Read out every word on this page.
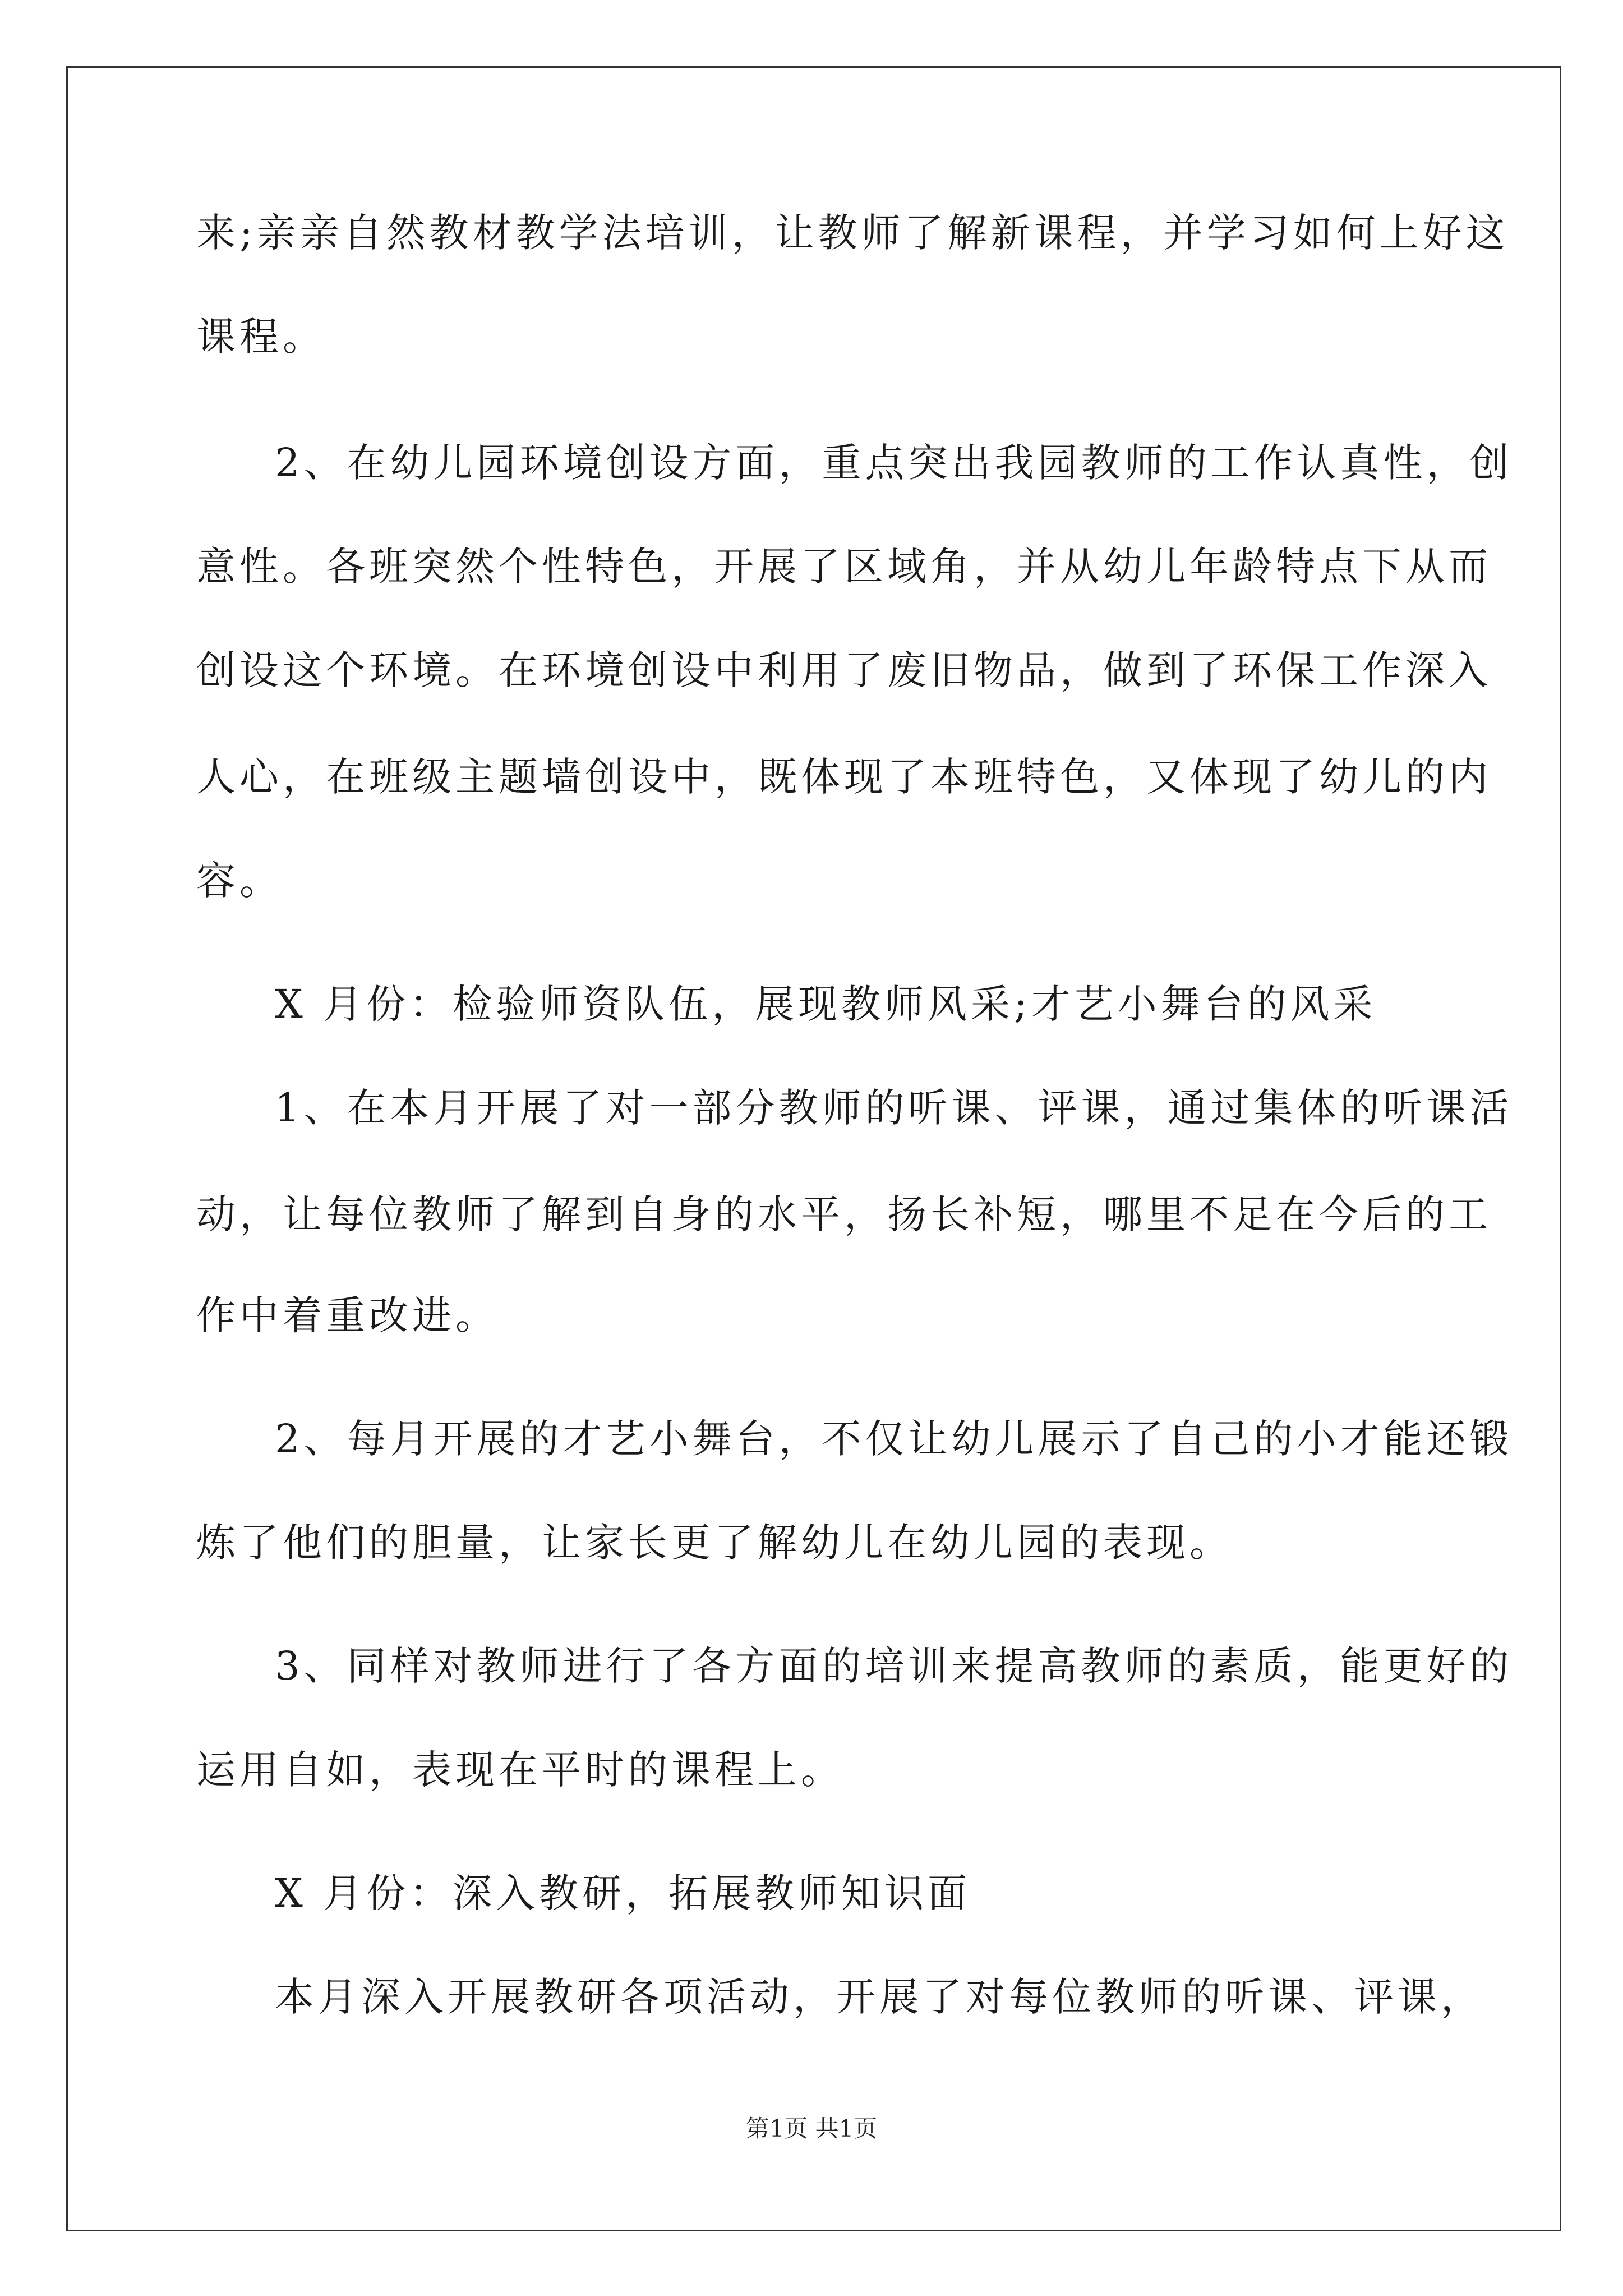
来;亲亲自然教材教学法培训，让教师了解新课程，并学习如何上好这
课程。
2、在幼儿园环境创设方面，重点突出我园教师的工作认真性，创
意性。各班突然个性特色，开展了区域角，并从幼儿年龄特点下从而
创设这个环境。在环境创设中利用了废旧物品，做到了环保工作深入
人心，在班级主题墙创设中，既体现了本班特色，又体现了幼儿的内
容。
X 月份：检验师资队伍，展现教师风采;才艺小舞台的风采
1、在本月开展了对一部分教师的听课、评课，通过集体的听课活
动，让每位教师了解到自身的水平，扬长补短，哪里不足在今后的工
作中着重改进。
2、每月开展的才艺小舞台，不仅让幼儿展示了自己的小才能还锻
炼了他们的胆量，让家长更了解幼儿在幼儿园的表现。
3、同样对教师进行了各方面的培训来提高教师的素质，能更好的
运用自如，表现在平时的课程上。
X 月份：深入教研，拓展教师知识面
本月深入开展教研各项活动，开展了对每位教师的听课、评课，
第1页 共1页
